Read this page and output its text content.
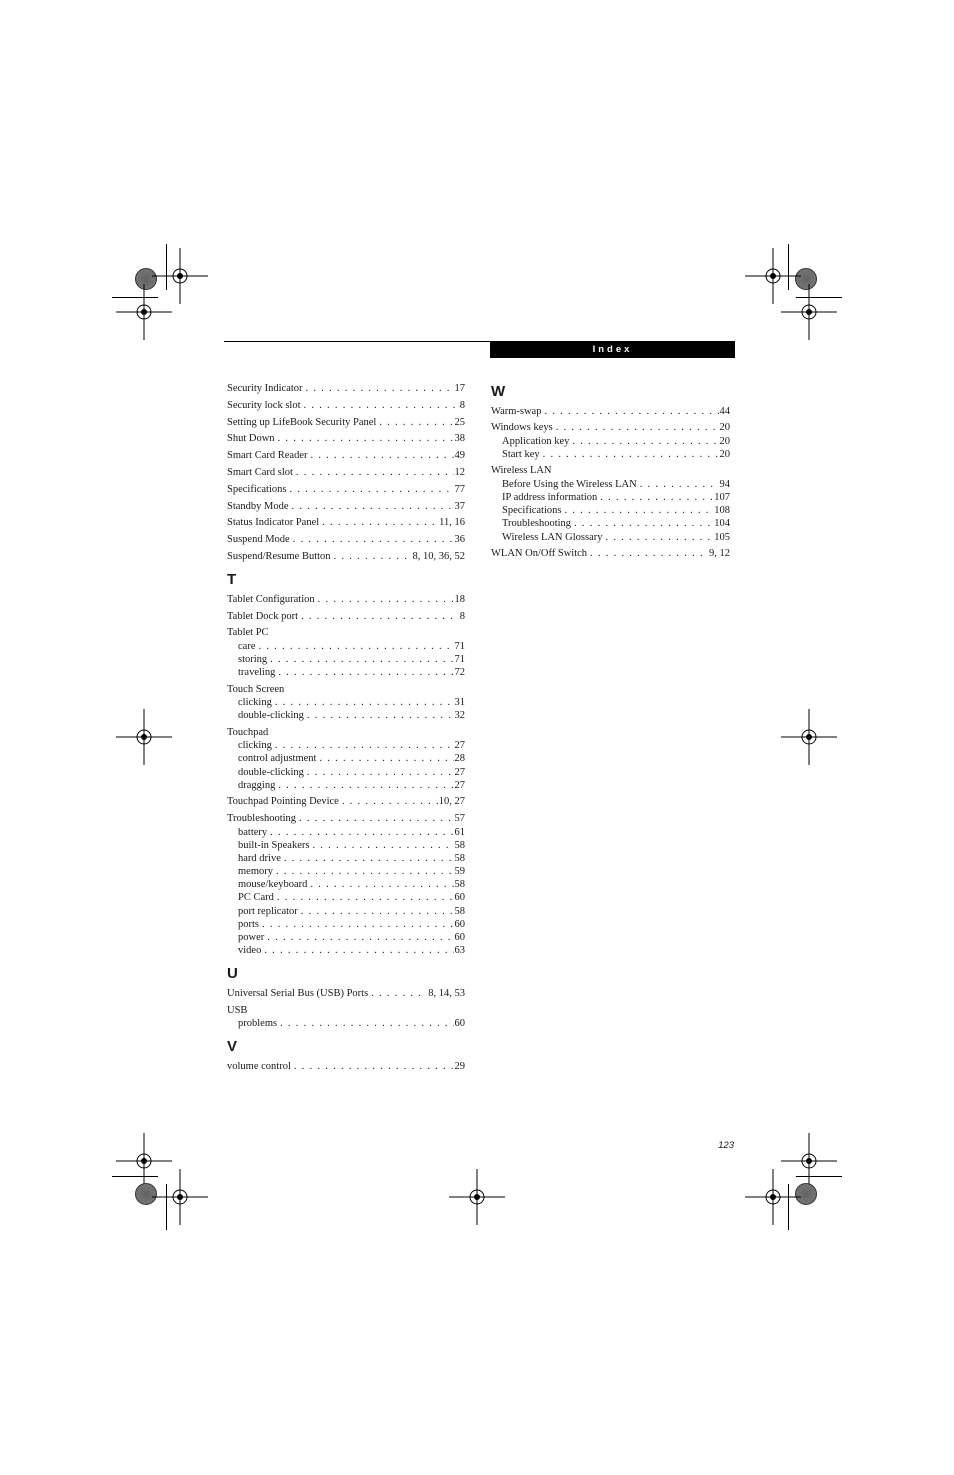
Index
Security Indicator . . .	17
Security lock slot . . .	8
Setting up LifeBook Security Panel . . .	25
Shut Down . . .	38
Smart Card Reader . . .	49
Smart Card slot . . .	12
Specifications . . .	77
Standby Mode . . .	37
Status Indicator Panel . . .	11, 16
Suspend Mode . . .	36
Suspend/Resume Button . . .	8, 10, 36, 52
T
Tablet Configuration . . .	18
Tablet Dock port . . .	8
Tablet PC
care . . .	71
storing . . .	71
traveling . . .	72
Touch Screen
clicking . . .	31
double-clicking . . .	32
Touchpad
clicking . . .	27
control adjustment . . .	28
double-clicking . . .	27
dragging . . .	27
Touchpad Pointing Device . . .	10, 27
Troubleshooting . . .	57
battery . . .	61
built-in Speakers . . .	58
hard drive . . .	58
memory . . .	59
mouse/keyboard . . .	58
PC Card . . .	60
port replicator . . .	58
ports . . .	60
power . . .	60
video . . .	63
U
Universal Serial Bus (USB) Ports . . .	8, 14, 53
USB
problems . . .	60
V
volume control . . .	29
W
Warm-swap . . .	44
Windows keys . . .	20
Application key . . .	20
Start key . . .	20
Wireless LAN
Before Using the Wireless LAN . . .	94
IP address information . . .	107
Specifications . . .	108
Troubleshooting . . .	104
Wireless LAN Glossary . . .	105
WLAN On/Off Switch . . .	9, 12
123
